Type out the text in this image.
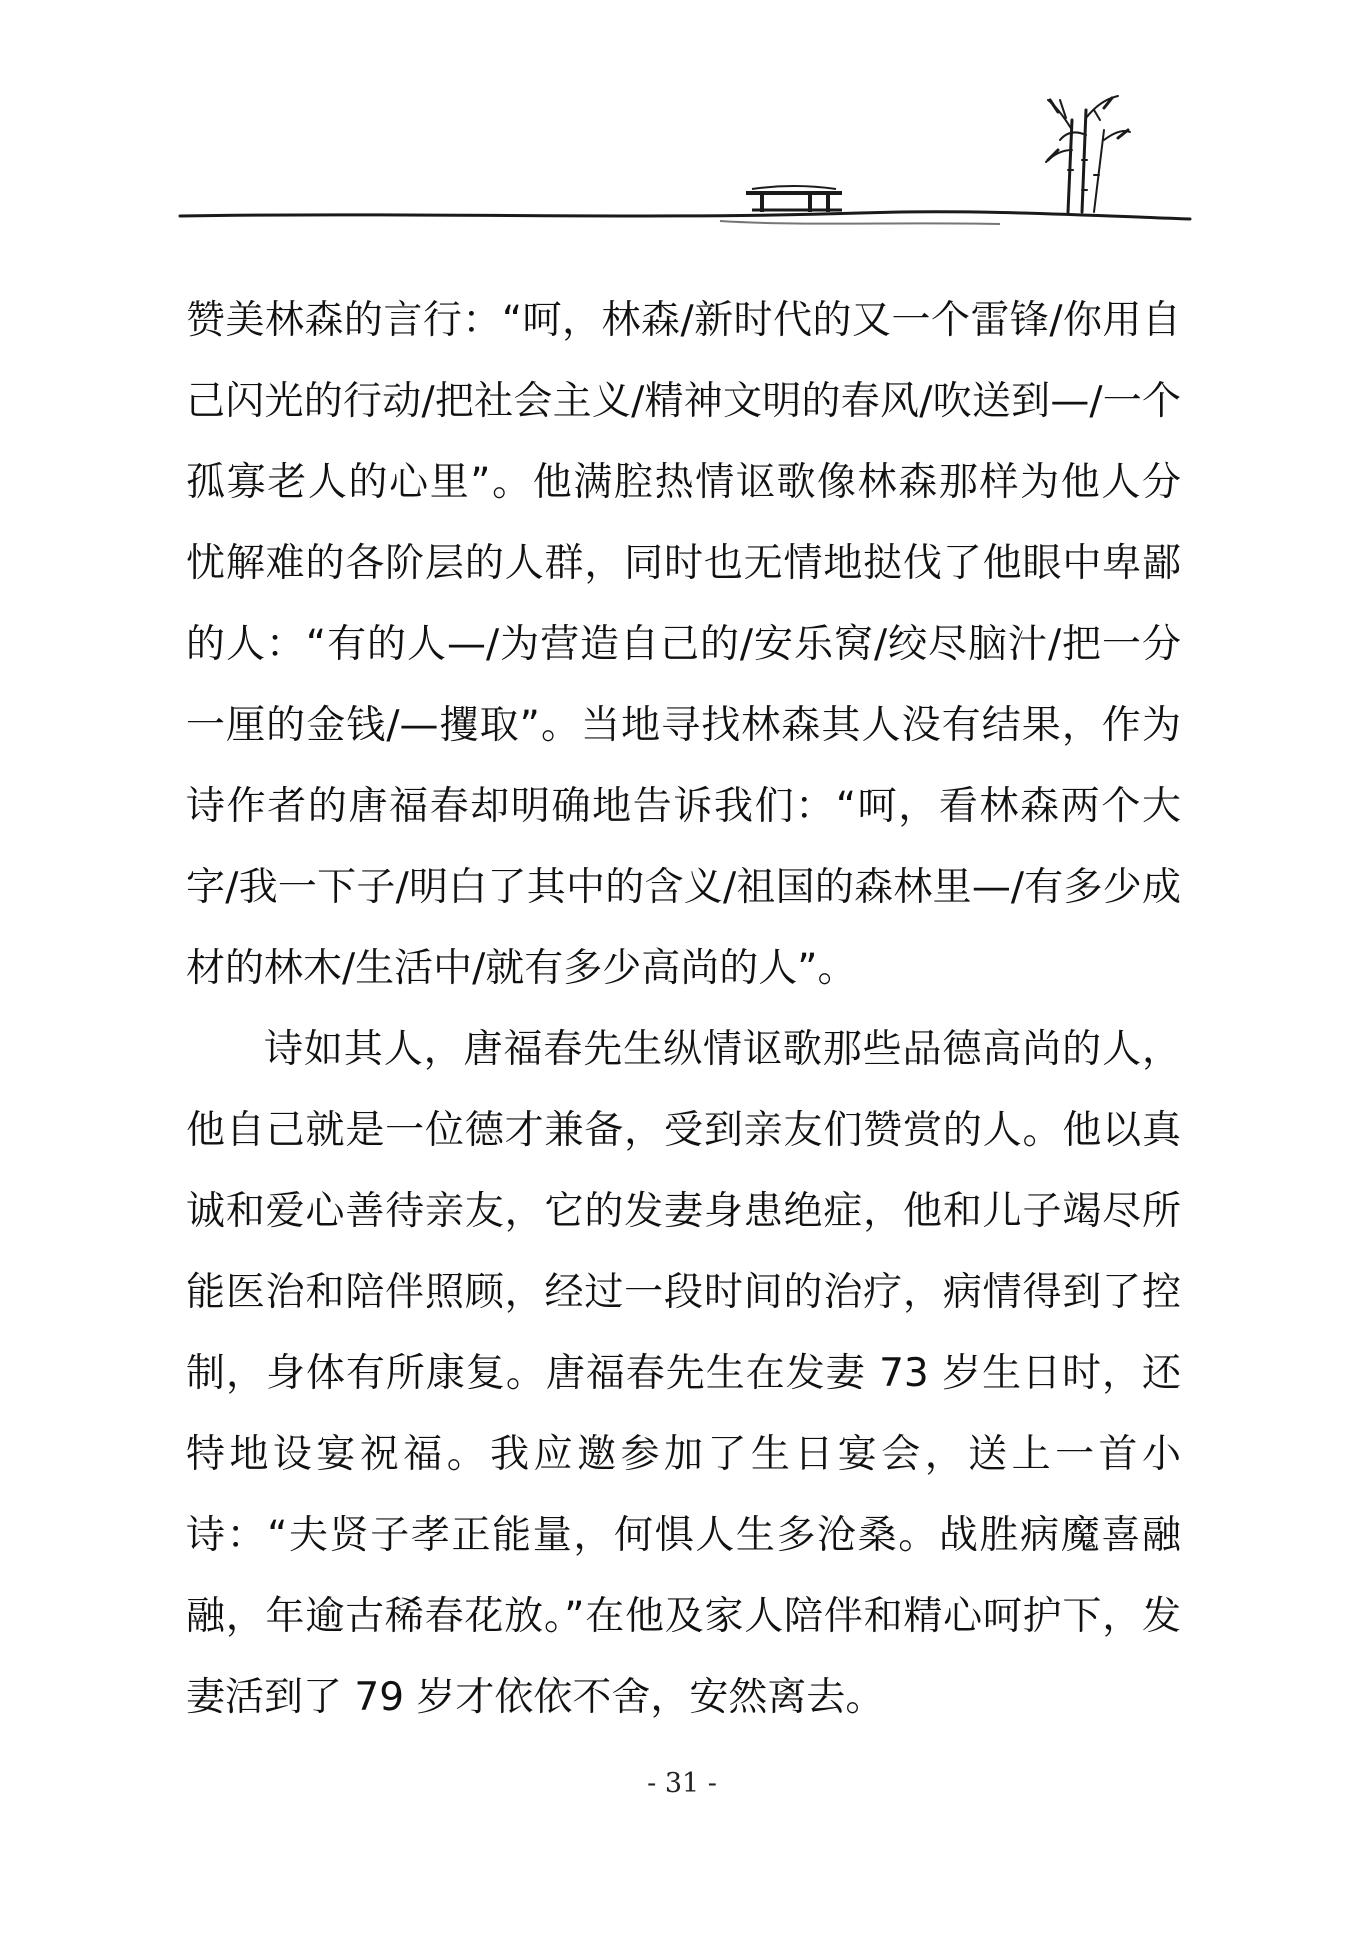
赞美林森的言行：“呵，林森/新时代的又一个雷锋/你用自己闪光的行动/把社会主义/精神文明的春风/吹送到—/一个孤寡老人的心里”。他满腔热情讴歌像林森那样为他人分忧解难的各阶层的人群，同时也无情地挞伐了他眼中卑鄙的人：“有的人—/为营造自己的/安乐窝/绞尽脑汁/把一分一厘的金钱/—攫取”。当地寻找林森其人没有结果，作为诗作者的唐福春却明确地告诉我们：“呵，看林森两个大字/我一下子/明白了其中的含义/祖国的森林里—/有多少成材的林木/生活中/就有多少高尚的人”。

诗如其人，唐福春先生纵情讴歌那些品德高尚的人，他自己就是一位德才兼备，受到亲友们赞赏的人。他以真诚和爱心善待亲友，它的发妻身患绝症，他和儿子竭尽所能医治和陪伴照顾，经过一段时间的治疗，病情得到了控制，身体有所康复。唐福春先生在发妻 73 岁生日时，还特地设宴祝福。我应邀参加了生日宴会，送上一首小诗：“夫贤子孝正能量，何惧人生多沧桑。战胜病魔喜融融，年逾古稀春花放。”在他及家人陪伴和精心呵护下，发妻活到了 79 岁才依依不舍，安然离去。

- 31 -
